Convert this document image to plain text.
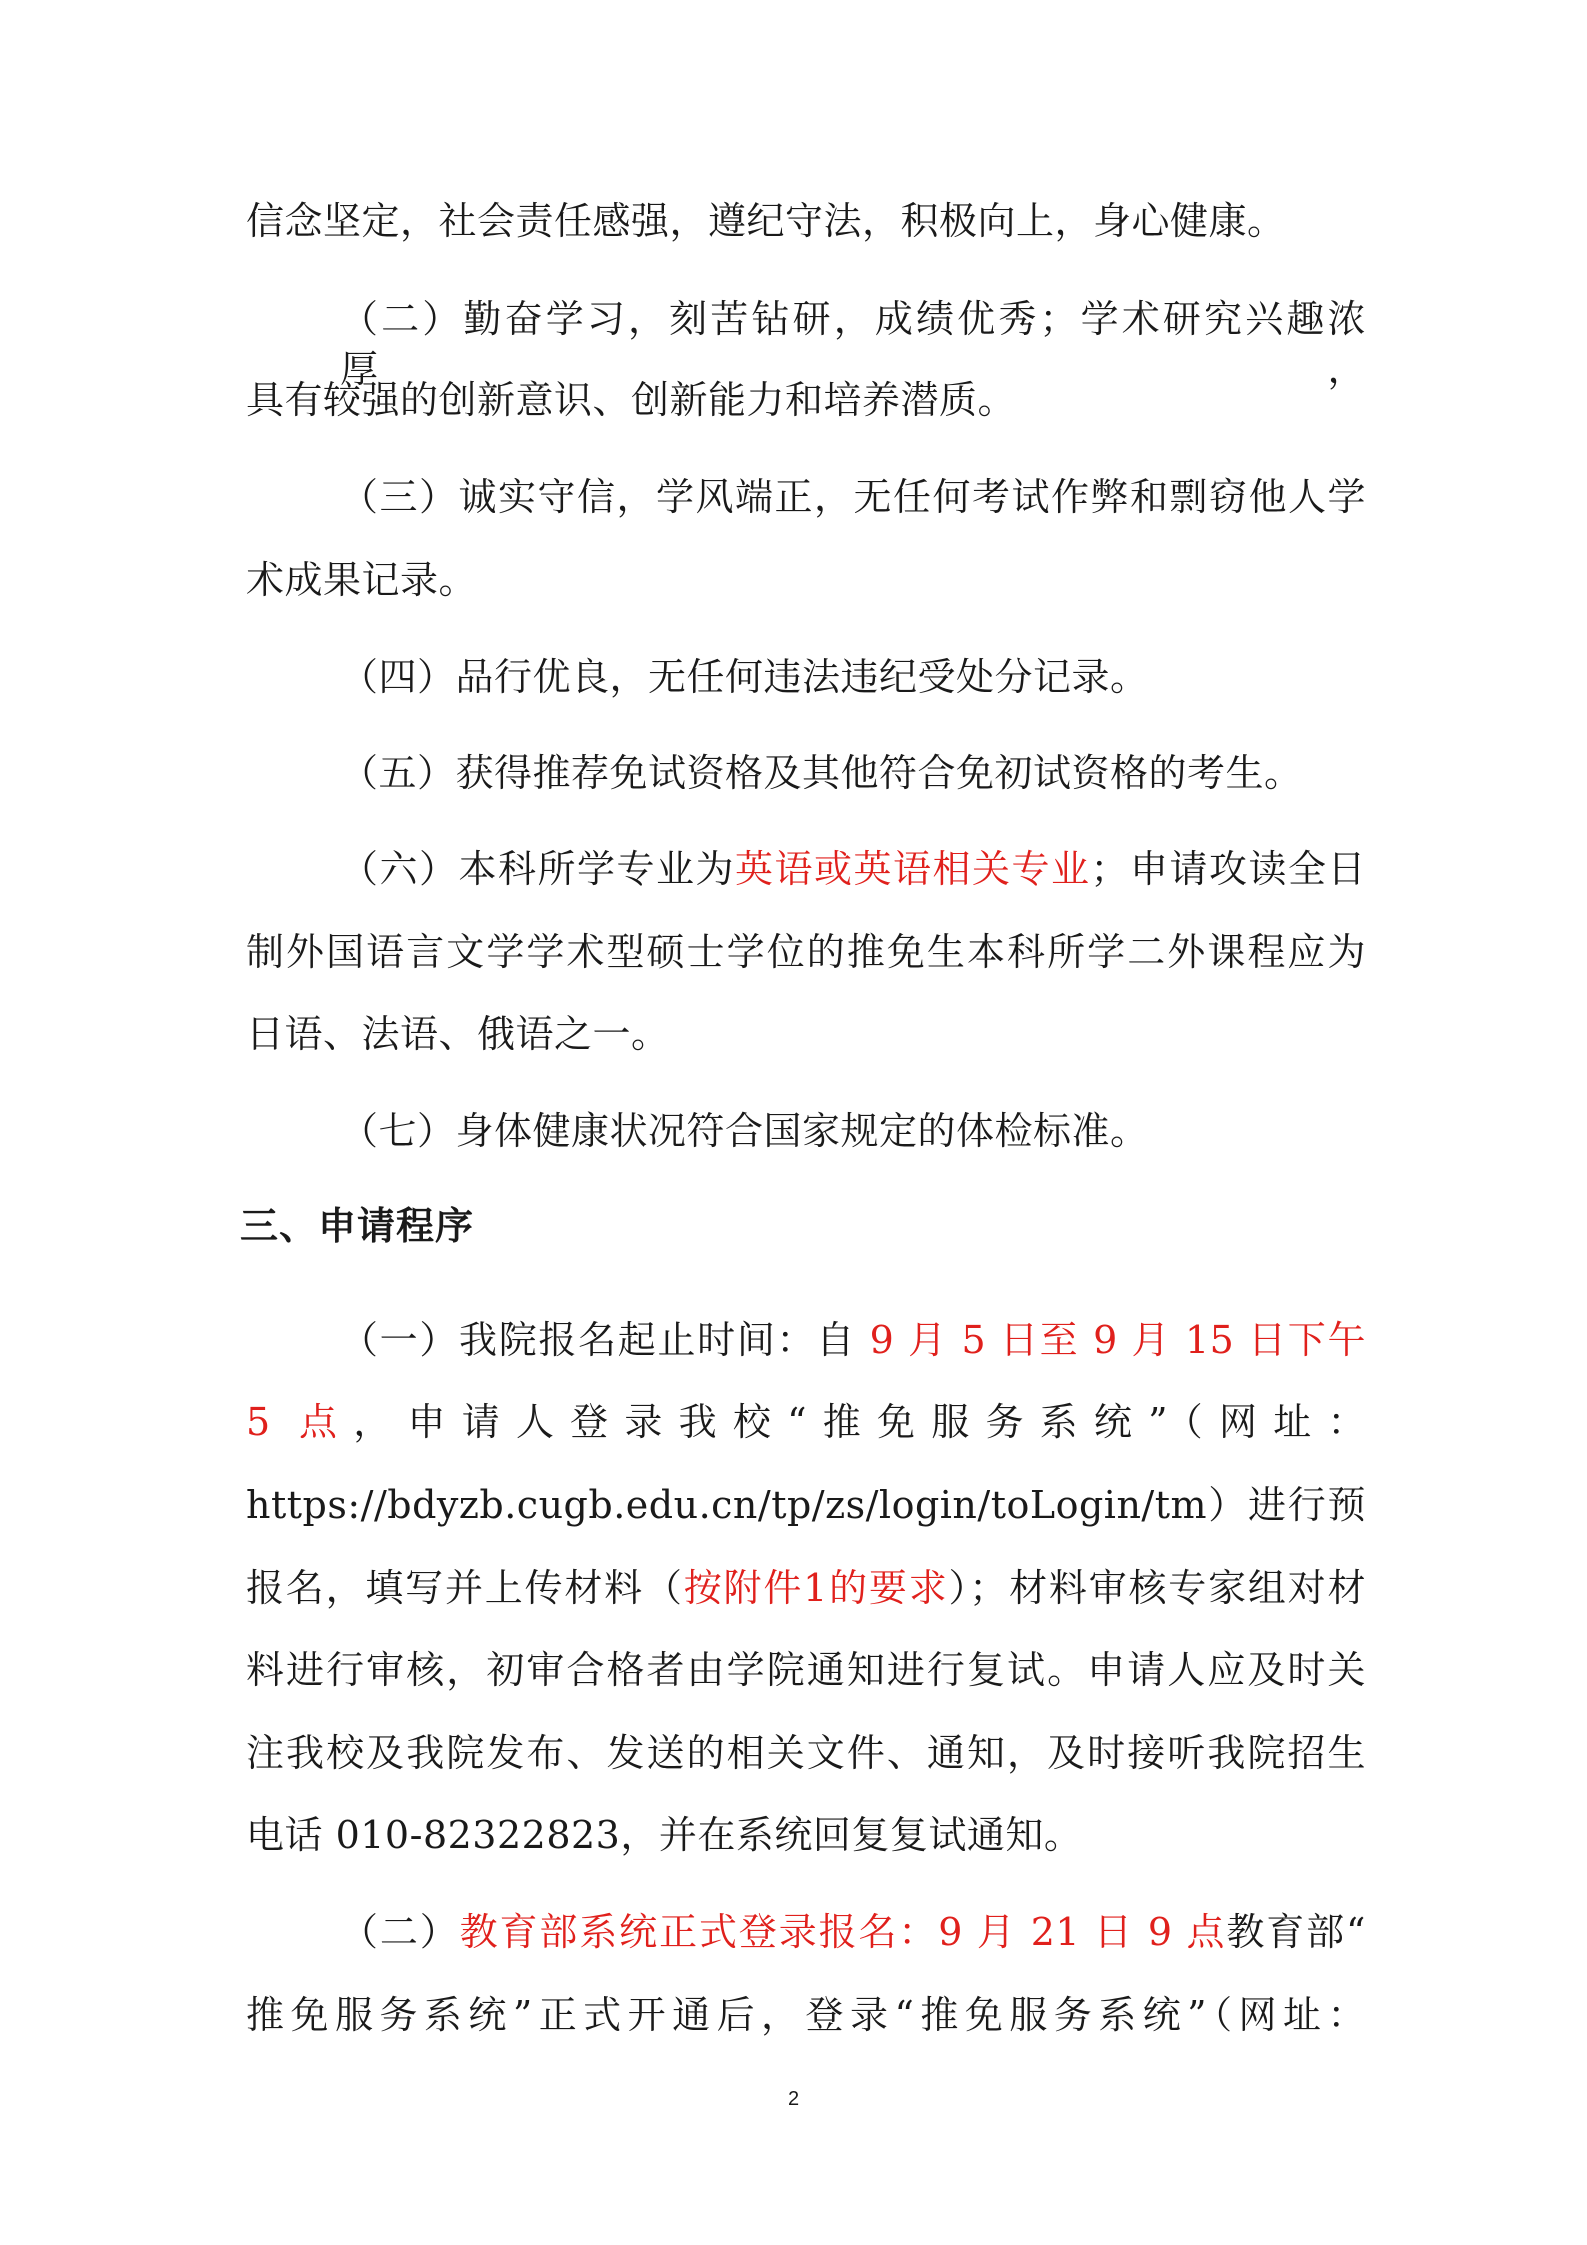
信念坚定，社会责任感强，遵纪守法，积极向上，身心健康。
（二）勤奋学习，刻苦钻研，成绩优秀；学术研究兴趣浓厚，
具有较强的创新意识、创新能力和培养潜质。
（三）诚实守信，学风端正，无任何考试作弊和剽窃他人学
术成果记录。
（四）品行优良，无任何违法违纪受处分记录。
（五）获得推荐免试资格及其他符合免初试资格的考生。
（六）本科所学专业为英语或英语相关专业；申请攻读全日
制外国语言文学学术型硕士学位的推免生本科所学二外课程应为
日语、法语、俄语之一。
（七）身体健康状况符合国家规定的体检标准。
三、申请程序
（一）我院报名起止时间：自 9 月 5 日至 9 月 15 日下午
5 点，申请人登录我校“推免服务系统”（网址：
https://bdyzb.cugb.edu.cn/tp/zs/login/toLogin/tm）进行预
报名，填写并上传材料（按附件1的要求）；材料审核专家组对材
料进行审核，初审合格者由学院通知进行复试。申请人应及时关
注我校及我院发布、发送的相关文件、通知，及时接听我院招生
电话 010-82322823，并在系统回复复试通知。
（二）教育部系统正式登录报名：9 月 21 日 9 点教育部“
推免服务系统”正式开通后，登录“推免服务系统”（网址：
2
